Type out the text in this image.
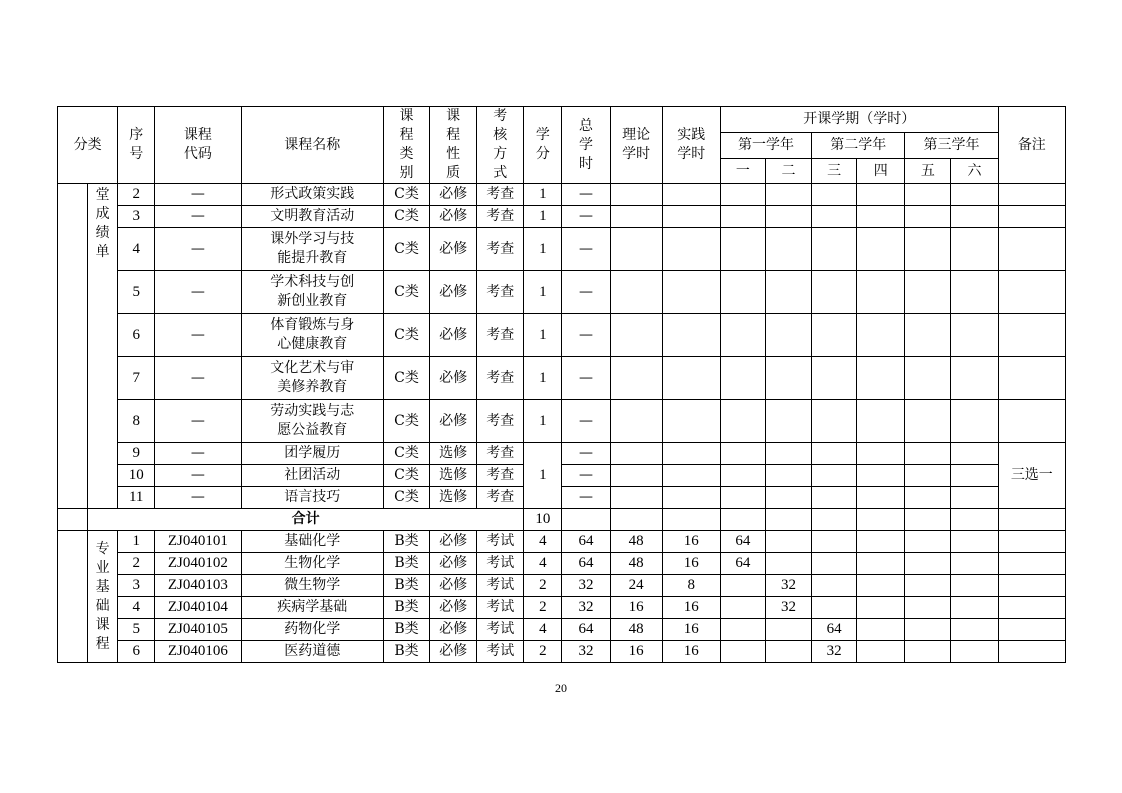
分类		序号	课程代码	课程名称	课程类别	课程性质	考核方式	学分	总学时	理论学时	实践学时	开课学期（学时）						备注
												第一学年		第二学年		第三学年		
												一	二	三	四	五	六	

	堂成绩单	2	—	形式政策实践	C类	必修	考查	1	—									
		3	—	文明教育活动	C类	必修	考查	1	—									
		4	—	课外学习与技能提升教育	C类	必修	考查	1	—									
		5	—	学术科技与创新创业教育	C类	必修	考查	1	—									
		6	—	体育锻炼与身心健康教育	C类	必修	考查	1	—									
		7	—	文化艺术与审美修养教育	C类	必修	考查	1	—									
		8	—	劳动实践与志愿公益教育	C类	必修	考查	1	—									
		9	—	团学履历	C类	选修	考查	1	—									三选一
		10	—	社团活动	C类	选修	考查		—									
		11	—	语言技巧	C类	选修	考查		—									
	合计							10										

	专业基础课程	1	ZJ040101	基础化学	B类	必修	考试	4	64	48	16	64						
		2	ZJ040102	生物化学	B类	必修	考试	4	64	48	16	64						
		3	ZJ040103	微生物学	B类	必修	考试	2	32	24	8		32					
		4	ZJ040104	疾病学基础	B类	必修	考试	2	32	16	16		32					
		5	ZJ040105	药物化学	B类	必修	考试	4	64	48	16			64				
		6	ZJ040106	医药道德	B类	必修	考试	2	32	16	16			32				
20
